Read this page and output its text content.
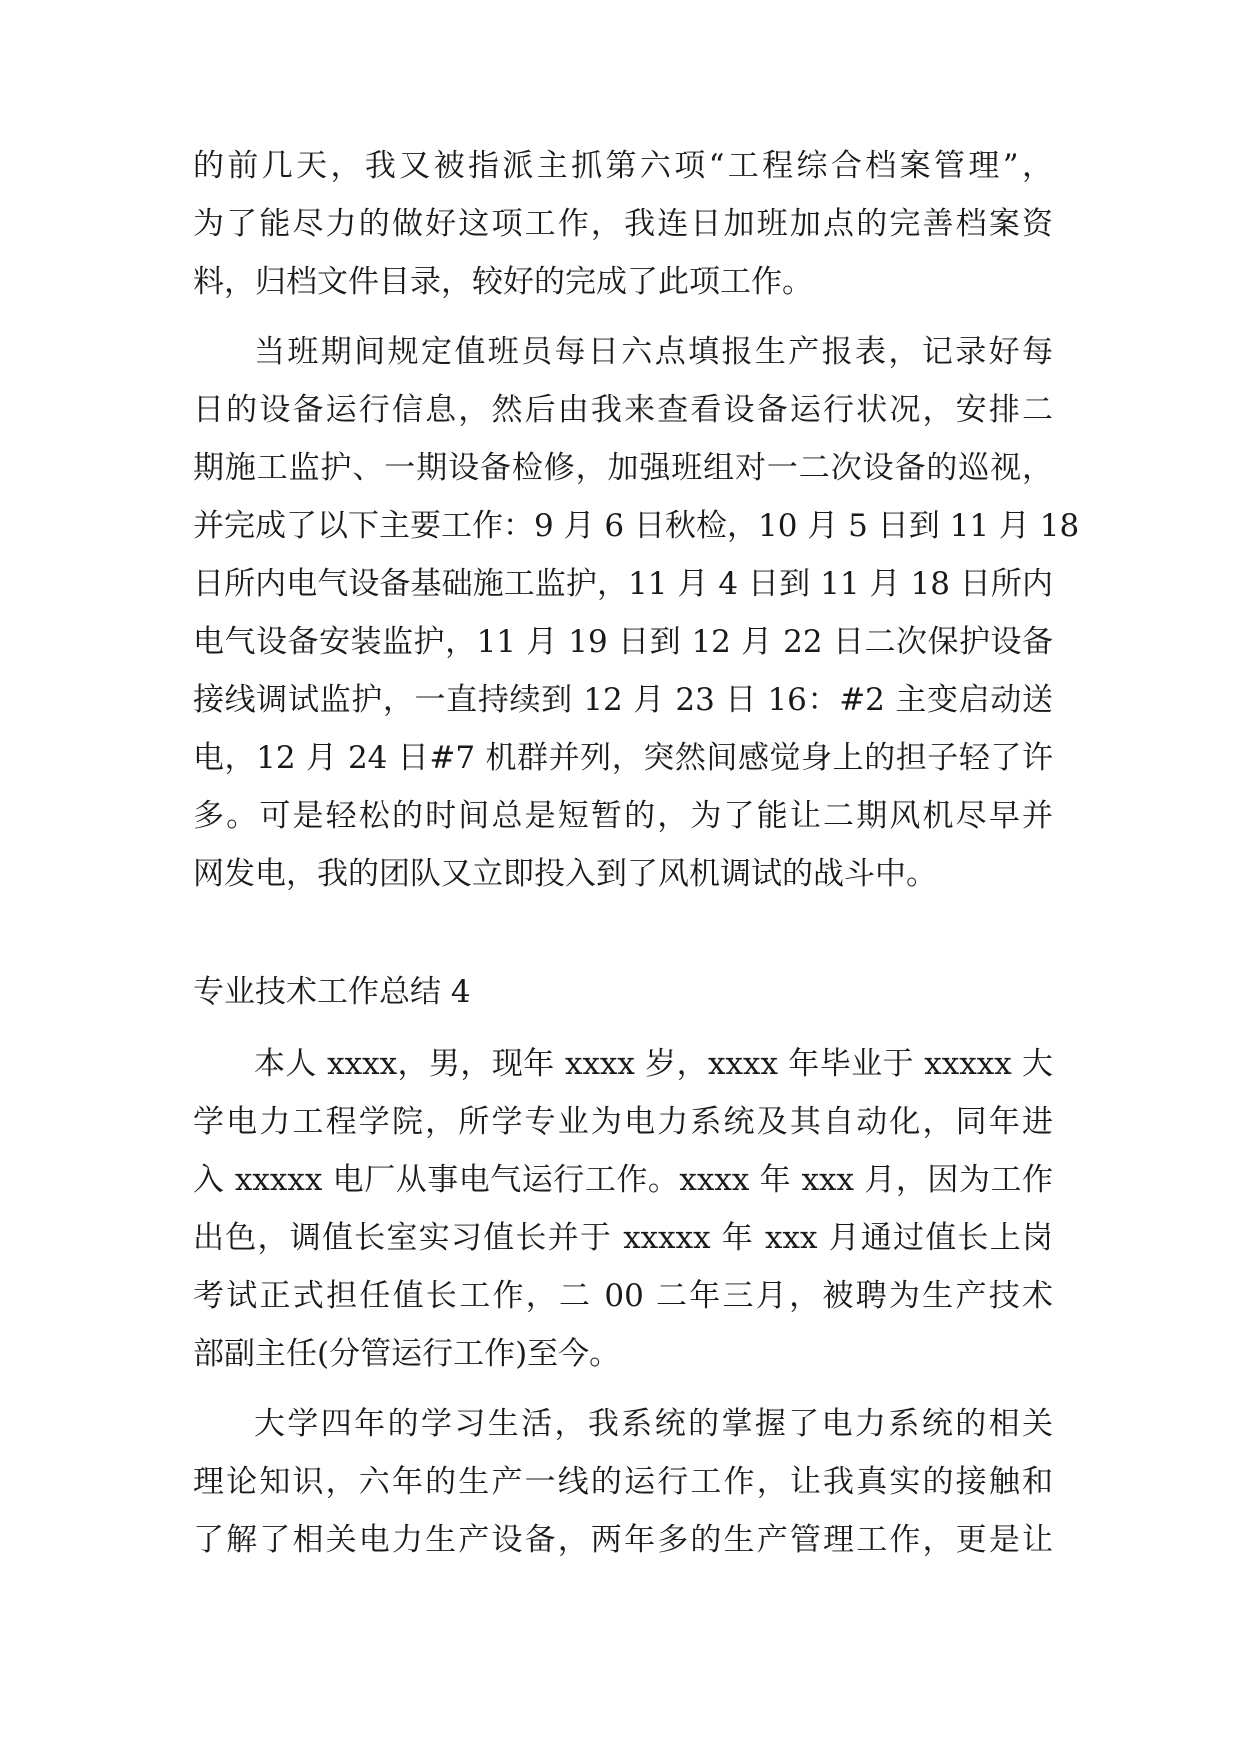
的前几天，我又被指派主抓第六项“工程综合档案管理”，
为了能尽力的做好这项工作，我连日加班加点的完善档案资
料，归档文件目录，较好的完成了此项工作。
当班期间规定值班员每日六点填报生产报表，记录好每
日的设备运行信息，然后由我来查看设备运行状况，安排二
期施工监护、一期设备检修，加强班组对一二次设备的巡视，
并完成了以下主要工作：9 月 6 日秋检，10 月 5 日到 11 月 18
日所内电气设备基础施工监护，11 月 4 日到 11 月 18 日所内
电气设备安装监护，11 月 19 日到 12 月 22 日二次保护设备
接线调试监护，一直持续到 12 月 23 日 16：#2 主变启动送
电，12 月 24 日#7 机群并列，突然间感觉身上的担子轻了许
多。可是轻松的时间总是短暂的，为了能让二期风机尽早并
网发电，我的团队又立即投入到了风机调试的战斗中。
专业技术工作总结 4
本人 xxxx，男，现年 xxxx 岁，xxxx 年毕业于 xxxxx 大
学电力工程学院，所学专业为电力系统及其自动化，同年进
入 xxxxx 电厂从事电气运行工作。xxxx 年 xxx 月，因为工作
出色，调值长室实习值长并于 xxxxx 年 xxx 月通过值长上岗
考试正式担任值长工作，二 00 二年三月，被聘为生产技术
部副主任(分管运行工作)至今。
大学四年的学习生活，我系统的掌握了电力系统的相关
理论知识，六年的生产一线的运行工作，让我真实的接触和
了解了相关电力生产设备，两年多的生产管理工作，更是让
